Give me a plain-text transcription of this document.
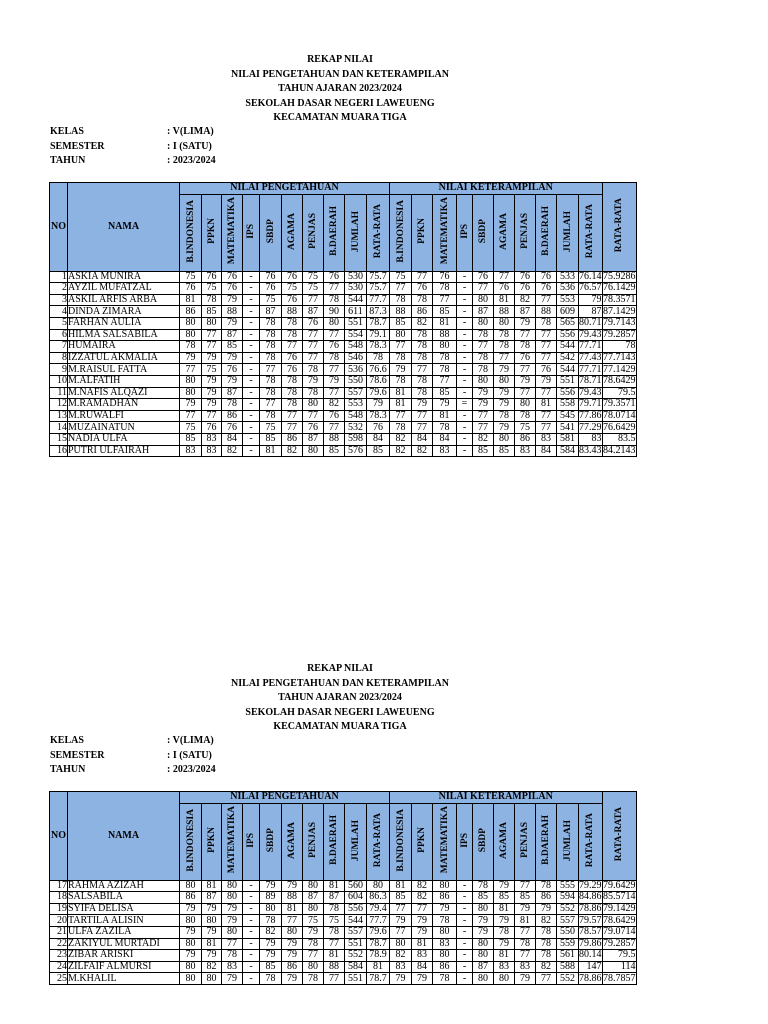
REKAP NILAI
NILAI PENGETAHUAN DAN KETERAMPILAN
TAHUN AJARAN 2023/2024
SEKOLAH DASAR NEGERI LAWEUENG
KECAMATAN MUARA TIGA
KELAS	: V(LIMA)
SEMESTER	: I (SATU)
TAHUN	: 2023/2024
NO	NAMA	NILAI PENGETAHUAN										NILAI KETERAMPILAN										RATA-RATA
		B.INDONESIA	PPKN	MATEMATIKA	IPS	SBDP	AGAMA	PENJAS	B.DAERAH	JUMLAH	RATA-RATA	B.INDONESIA	PPKN	MATEMATIKA	IPS	SBDP	AGAMA	PENJAS	B.DAERAH	JUMLAH	RATA-RATA	
1	ASKIA MUNIRA	75	76	76	-	76	76	75	76	530	75.7	75	77	76	-	76	77	76	76	533	76.14	75.9286
2	AYZIL MUFATZAL	76	75	76	-	76	75	75	77	530	75.7	77	76	78	-	77	76	76	76	536	76.57	76.1429
3	ASKIL ARFIS ARBA	81	78	79	-	75	76	77	78	544	77.7	78	78	77	-	80	81	82	77	553	79	78.3571
4	DINDA ZIMARA	86	85	88	-	87	88	87	90	611	87.3	88	86	85	-	87	88	87	88	609	87	87.1429
5	FARHAN AULIA	80	80	79	-	78	78	76	80	551	78.7	85	82	81	-	80	80	79	78	565	80.71	79.7143
6	HILMA SALSABILA	80	77	87	-	78	78	77	77	554	79.1	80	78	88	-	78	78	77	77	556	79.43	79.2857
7	HUMAIRA	78	77	85	-	78	77	77	76	548	78.3	77	78	80	-	77	78	78	77	544	77.71	78
8	IZZATUL AKMALIA	79	79	79	-	78	76	77	78	546	78	78	78	78	-	78	77	76	77	542	77.43	77.7143
9	M.RAISUL FATTA	77	75	76	-	77	76	78	77	536	76.6	79	77	78	-	78	79	77	76	544	77.71	77.1429
10	M.ALFATIH	80	79	79	-	78	78	79	79	550	78.6	78	78	77	-	80	80	79	79	551	78.71	78.6429
11	M.NAFIS ALQAZI	80	79	87	-	78	78	78	77	557	79.6	81	78	85	-	79	79	77	77	556	79.43	79.5
12	M.RAMADHAN	79	79	78	-	77	78	80	82	553	79	81	79	79	=	79	79	80	81	558	79.71	79.3571
13	M.RUWALFI	77	77	86	-	78	77	77	76	548	78.3	77	77	81	-	77	78	78	77	545	77.86	78.0714
14	MUZAINATUN	75	76	76	-	75	77	76	77	532	76	78	77	78	-	77	79	75	77	541	77.29	76.6429
15	NADIA ULFA	85	83	84	-	85	86	87	88	598	84	82	84	84	-	82	80	86	83	581	83	83.5
16	PUTRI ULFAIRAH	83	83	82	-	81	82	80	85	576	85	82	82	83	-	85	85	83	84	584	83.43	84.2143
REKAP NILAI
NILAI PENGETAHUAN DAN KETERAMPILAN
TAHUN AJARAN 2023/2024
SEKOLAH DASAR NEGERI LAWEUENG
KECAMATAN MUARA TIGA
KELAS	: V(LIMA)
SEMESTER	: I (SATU)
TAHUN	: 2023/2024
NO	NAMA	NILAI PENGETAHUAN										NILAI KETERAMPILAN										RATA-RATA
		B.INDONESIA	PPKN	MATEMATIKA	IPS	SBDP	AGAMA	PENJAS	B.DAERAH	JUMLAH	RATA-RATA	B.INDONESIA	PPKN	MATEMATIKA	IPS	SBDP	AGAMA	PENJAS	B.DAERAH	JUMLAH	RATA-RATA	
17	RAHMA AZIZAH	80	81	80	-	79	79	80	81	560	80	81	82	80	-	78	79	77	78	555	79.29	79.6429
18	SALSABILA	86	87	80	-	89	88	87	87	604	86.3	85	82	86	-	85	85	85	86	594	84.86	85.5714
19	SYIFA DELISA	79	79	79	-	80	81	80	78	556	79.4	77	77	79	-	80	81	79	79	552	78.86	79.1429
20	TARTILA ALISIN	80	80	79	-	78	77	75	75	544	77.7	79	79	78	-	79	79	81	82	557	79.57	78.6429
21	ULFA ZAZILA	79	79	80	-	82	80	79	78	557	79.6	77	79	80	-	79	78	77	78	550	78.57	79.0714
22	ZAKIYUL MURTADI	80	81	77	-	79	79	78	77	551	78.7	80	81	83	-	80	79	78	78	559	79.86	79.2857
23	ZIBAR ARISKI	79	79	78	-	79	79	77	81	552	78.9	82	83	80	-	80	81	77	78	561	80.14	79.5
24	ZILFAIF ALMURSI	80	82	83	-	85	86	80	88	584	81	83	84	86	-	87	83	83	82	588	147	114
25	M.KHALIL	80	80	79	-	78	79	78	77	551	78.7	79	79	78	-	80	80	79	77	552	78.86	78.7857
